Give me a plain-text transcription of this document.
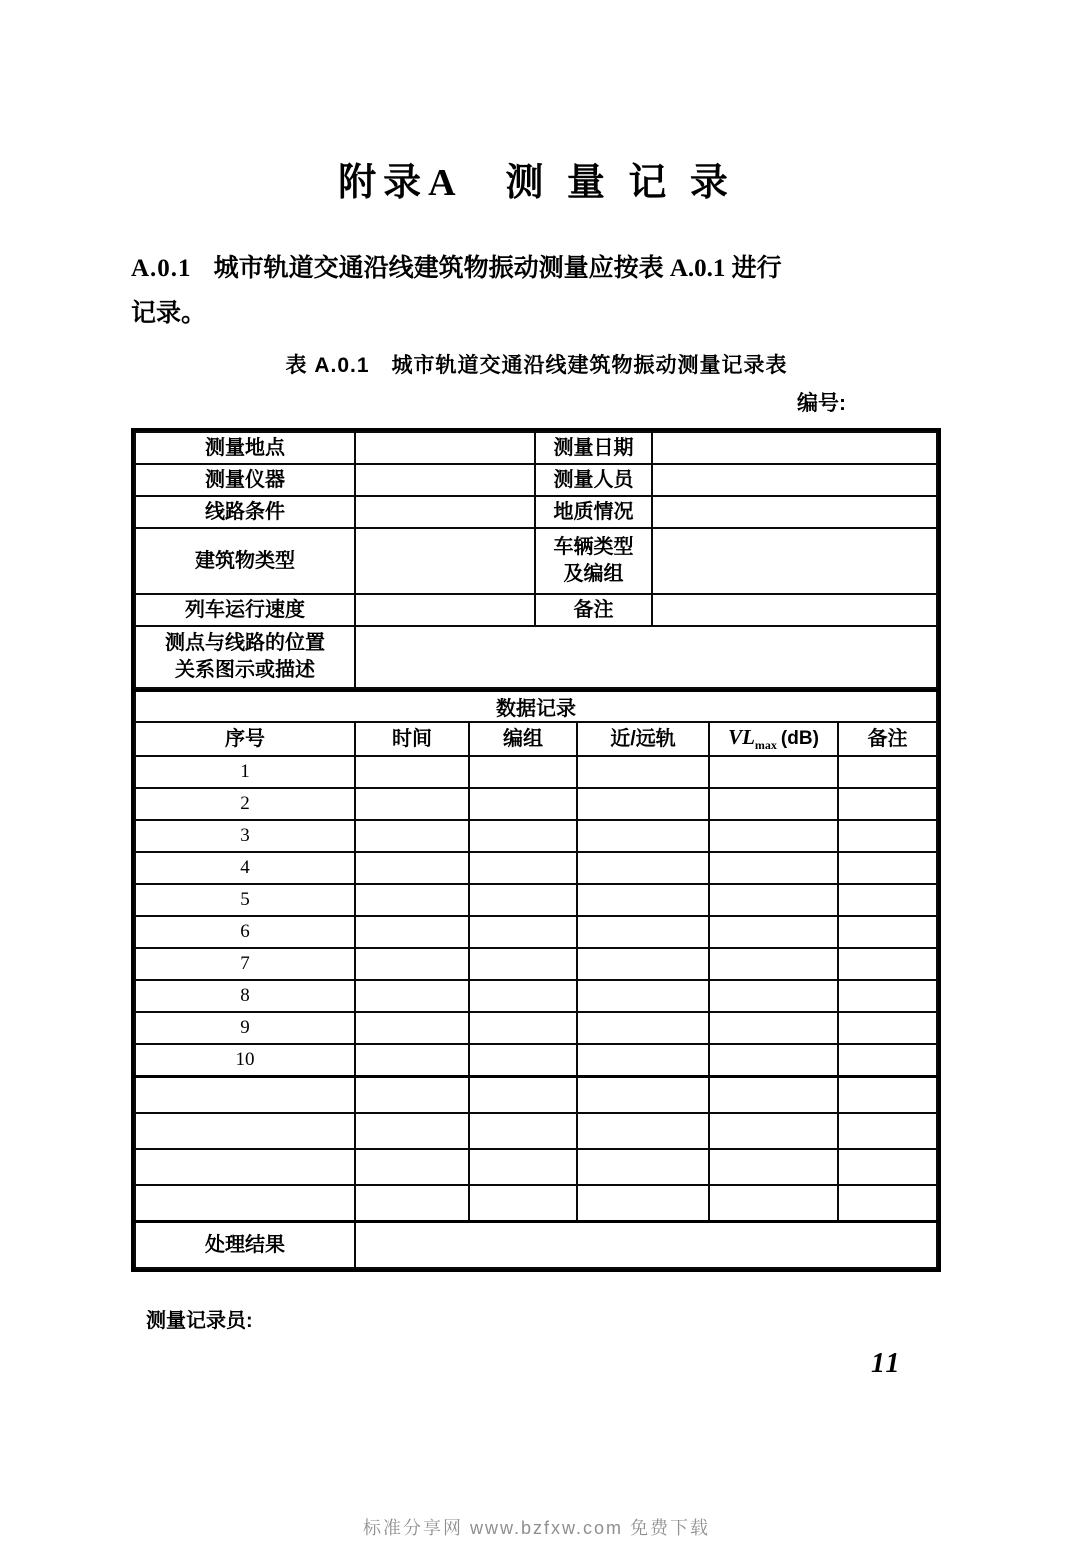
附录A　测 量 记 录
A.0.1 城市轨道交通沿线建筑物振动测量应按表 A.0.1 进行
记录。
表 A.0.1　城市轨道交通沿线建筑物振动测量记录表
编号:
测量地点		测量日期	
测量仪器		测量人员	
线路条件		地质情况	
建筑物类型		车辆类型
及编组	

列车运行速度		备注	

测点与线路的位置
关系图示或描述			

数据记录					
序号	时间	编组	近/远轨	$VL_{max}$ (dB)	备注
1					
2					
3					
4					
5					
6					
7					
8					
9					
10					

处理结果					
测量记录员:
11
标准分享网 www.bzfxw.com 免费下载
